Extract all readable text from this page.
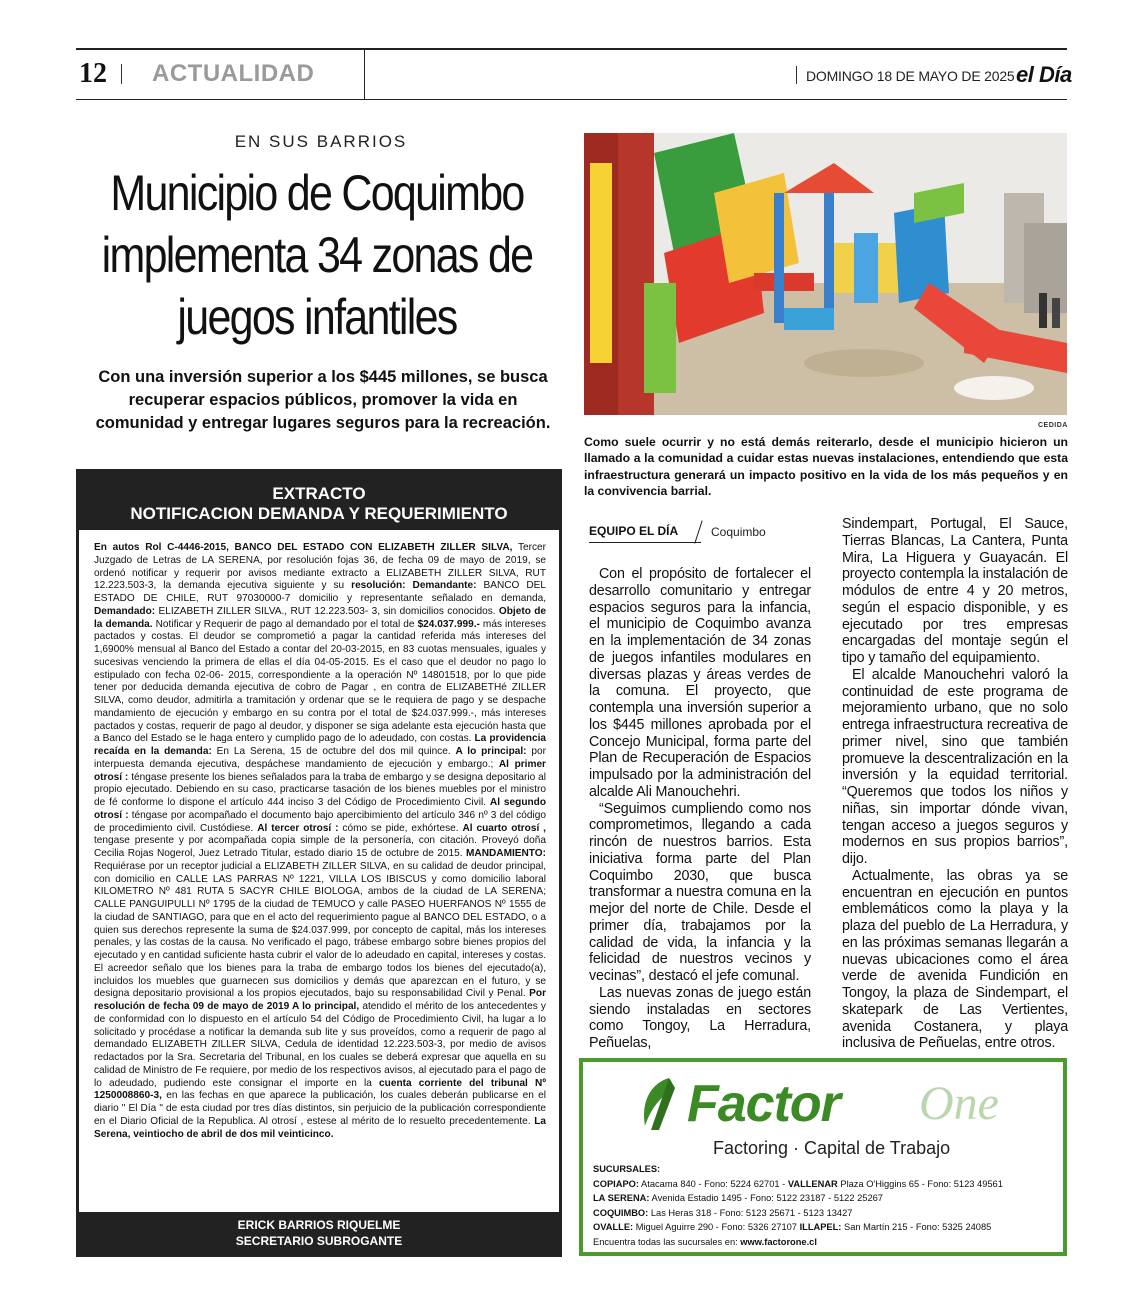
12 ACTUALIDAD	DOMINGO 18 DE MAYO DE 2025 el Día
EN SUS BARRIOS
Municipio de Coquimbo implementa 34 zonas de juegos infantiles
Con una inversión superior a los $445 millones, se busca recuperar espacios públicos, promover la vida en comunidad y entregar lugares seguros para la recreación.	CEDIDA
Como suele ocurrir y no está demás reiterarlo, desde el municipio hicieron un llamado a la comunidad a cuidar estas nuevas instalaciones, entendiendo que esta infraestructura generará un impacto positivo en la vida de los más pequeños y en la convivencia barrial.
EXTRACTO
NOTIFICACION DEMANDA Y REQUERIMIENTO
En autos Rol C-4446-2015, BANCO DEL ESTADO CON ELIZABETH ZILLER SILVA, Tercer Juzgado de Letras de LA SERENA, por resolución fojas 36, de fecha 09 de mayo de 2019, se ordenó notificar y requerir por avisos mediante extracto a ELIZABETH ZILLER SILVA, RUT 12.223.503-3, la demanda ejecutiva siguiente y su resolución: Demandante: BANCO DEL ESTADO DE CHILE, RUT 97030000-7 domicilio y representante señalado en demanda, Demandado: ELIZABETH ZILLER SILVA., RUT 12.223.503- 3, sin domicilios conocidos. Objeto de la demanda. Notificar y Requerir de pago al demandado por el total de $24.037.999.- más intereses pactados y costas. El deudor se comprometió a pagar la cantidad referida más intereses del 1,6900% mensual al Banco del Estado a contar del 20-03-2015, en 83 cuotas mensuales, iguales y sucesivas venciendo la primera de ellas el día 04-05-2015. Es el caso que el deudor no pago lo estipulado con fecha 02-06- 2015, correspondiente a la operación Nº 14801518, por lo que pide tener por deducida demanda ejecutiva de cobro de Pagar , en contra de ELIZABETHé ZILLER SILVA, como deudor, admitirla a tramitación y ordenar que se le requiera de pago y se despache mandamiento de ejecución y embargo en su contra por el total de $24.037.999.-, más intereses pactados y costas, requerir de pago al deudor, y disponer se siga adelante esta ejecución hasta que a Banco del Estado se le haga entero y cumplido pago de lo adeudado, con costas. La providencia recaída en la demanda: En La Serena, 15 de octubre del dos mil quince. A lo principal: por interpuesta demanda ejecutiva, despáchese mandamiento de ejecución y embargo.; Al primer otrosí : téngase presente los bienes señalados para la traba de embargo y se designa depositario al propio ejecutado. Debiendo en su caso, practicarse tasación de los bienes muebles por el ministro de fé conforme lo dispone el artículo 444 inciso 3 del Código de Procedimiento Civil. Al segundo otrosí : téngase por acompañado el documento bajo apercibimiento del artículo 346 nº 3 del código de procedimiento civil. Custódiese. Al tercer otrosí : cómo se pide, exhórtese. Al cuarto otrosí , tengase presente y por acompañada copia simple de la personería, con citación. Proveyó doña Cecilia Rojas Nogerol, Juez Letrado Titular, estado diario 15 de octubre de 2015. MANDAMIENTO: Requiérase por un receptor judicial a ELIZABETH ZILLER SILVA, en su calidad de deudor principal, con domicilio en CALLE LAS PARRAS Nº 1221, VILLA LOS IBISCUS y como domicilio laboral KILOMETRO Nº 481 RUTA 5 SACYR CHILE BIOLOGA, ambos de la ciudad de LA SERENA; CALLE PANGUIPULLI Nº 1795 de la ciudad de TEMUCO y calle PASEO HUERFANOS Nº 1555 de la ciudad de SANTIAGO, para que en el acto del requerimiento pague al BANCO DEL ESTADO, o a quien sus derechos represente la suma de $24.037.999, por concepto de capital, más los intereses penales, y las costas de la causa. No verificado el pago, trábese embargo sobre bienes propios del ejecutado y en cantidad suficiente hasta cubrir el valor de lo adeudado en capital, intereses y costas. El acreedor señalo que los bienes para la traba de embargo todos los bienes del ejecutado(a), incluidos los muebles que guarnecen sus domicilios y demás que aparezcan en el futuro, y se designa depositario provisional a los propios ejecutados, bajo su responsabilidad Civil y Penal. Por resolución de fecha 09 de mayo de 2019 A lo principal, atendido el mérito de los antecedentes y de conformidad con lo dispuesto en el artículo 54 del Código de Procedimiento Civil, ha lugar a lo solicitado y procédase a notificar la demanda sub lite y sus proveídos, como a requerir de pago al demandado ELIZABETH ZILLER SILVA, Cedula de identidad 12.223.503-3, por medio de avisos redactados por la Sra. Secretaria del Tribunal, en los cuales se deberá expresar que aquella en su calidad de Ministro de Fe requiere, por medio de los respectivos avisos, al ejecutado para el pago de lo adeudado, pudiendo este consignar el importe en la cuenta corriente del tribunal Nº 1250008860-3, en las fechas en que aparece la publicación, los cuales deberán publicarse en el diario " El Día " de esta ciudad por tres días distintos, sin perjuicio de la publicación correspondiente en el Diario Oficial de la Republica. Al otrosí , estese al mérito de lo resuelto precedentemente. La Serena, veintiocho de abril de dos mil veinticinco.
ERICK BARRIOS RIQUELME
SECRETARIO SUBROGANTE
EQUIPO EL DÍA	Coquimbo

Con el propósito de fortalecer el desarrollo comunitario y entregar espacios seguros para la infancia, el municipio de Coquimbo avanza en la implementación de 34 zonas de juegos infantiles modulares en diversas plazas y áreas verdes de la comuna. El proyecto, que contempla una inversión superior a los $445 millones aprobada por el Concejo Municipal, forma parte del Plan de Recuperación de Espacios impulsado por la administración del alcalde Ali Manouchehri.

“Seguimos cumpliendo como nos comprometimos, llegando a cada rincón de nuestros barrios. Esta iniciativa forma parte del Plan Coquimbo 2030, que busca transformar a nuestra comuna en la mejor del norte de Chile. Desde el primer día, trabajamos por la calidad de vida, la infancia y la felicidad de nuestros vecinos y vecinas”, destacó el jefe comunal.

Las nuevas zonas de juego están siendo instaladas en sectores como Tongoy, La Herradura, Peñuelas,

Sindempart, Portugal, El Sauce, Tierras Blancas, La Cantera, Punta Mira, La Higuera y Guayacán. El proyecto contempla la instalación de módulos de entre 4 y 20 metros, según el espacio disponible, y es ejecutado por tres empresas encargadas del montaje según el tipo y tamaño del equipamiento.

El alcalde Manouchehri valoró la continuidad de este programa de mejoramiento urbano, que no solo entrega infraestructura recreativa de primer nivel, sino que también promueve la descentralización en la inversión y la equidad territorial. “Queremos que todos los niños y niñas, sin importar dónde vivan, tengan acceso a juegos seguros y modernos en sus propios barrios”, dijo.

Actualmente, las obras ya se encuentran en ejecución en puntos emblemáticos como la playa y la plaza del pueblo de La Herradura, y en las próximas semanas llegarán a nuevas ubicaciones como el área verde de avenida Fundición en Tongoy, la plaza de Sindempart, el skatepark de Las Vertientes, avenida Costanera, y playa inclusiva de Peñuelas, entre otros.

Factor One
Factoring · Capital de Trabajo
SUCURSALES:
COPIAPO: Atacama 840 - Fono: 5224 62701 - VALLENAR Plaza O'Higgins 65 - Fono: 5123 49561
LA SERENA: Avenida Estadio 1495 - Fono: 5122 23187 - 5122 25267
COQUIMBO: Las Heras 318 - Fono: 5123 25671 - 5123 13427
OVALLE: Miguel Aguirre 290 - Fono: 5326 27107 ILLAPEL: San Martín 215 - Fono: 5325 24085
Encuentra todas las sucursales en: www.factorone.cl
